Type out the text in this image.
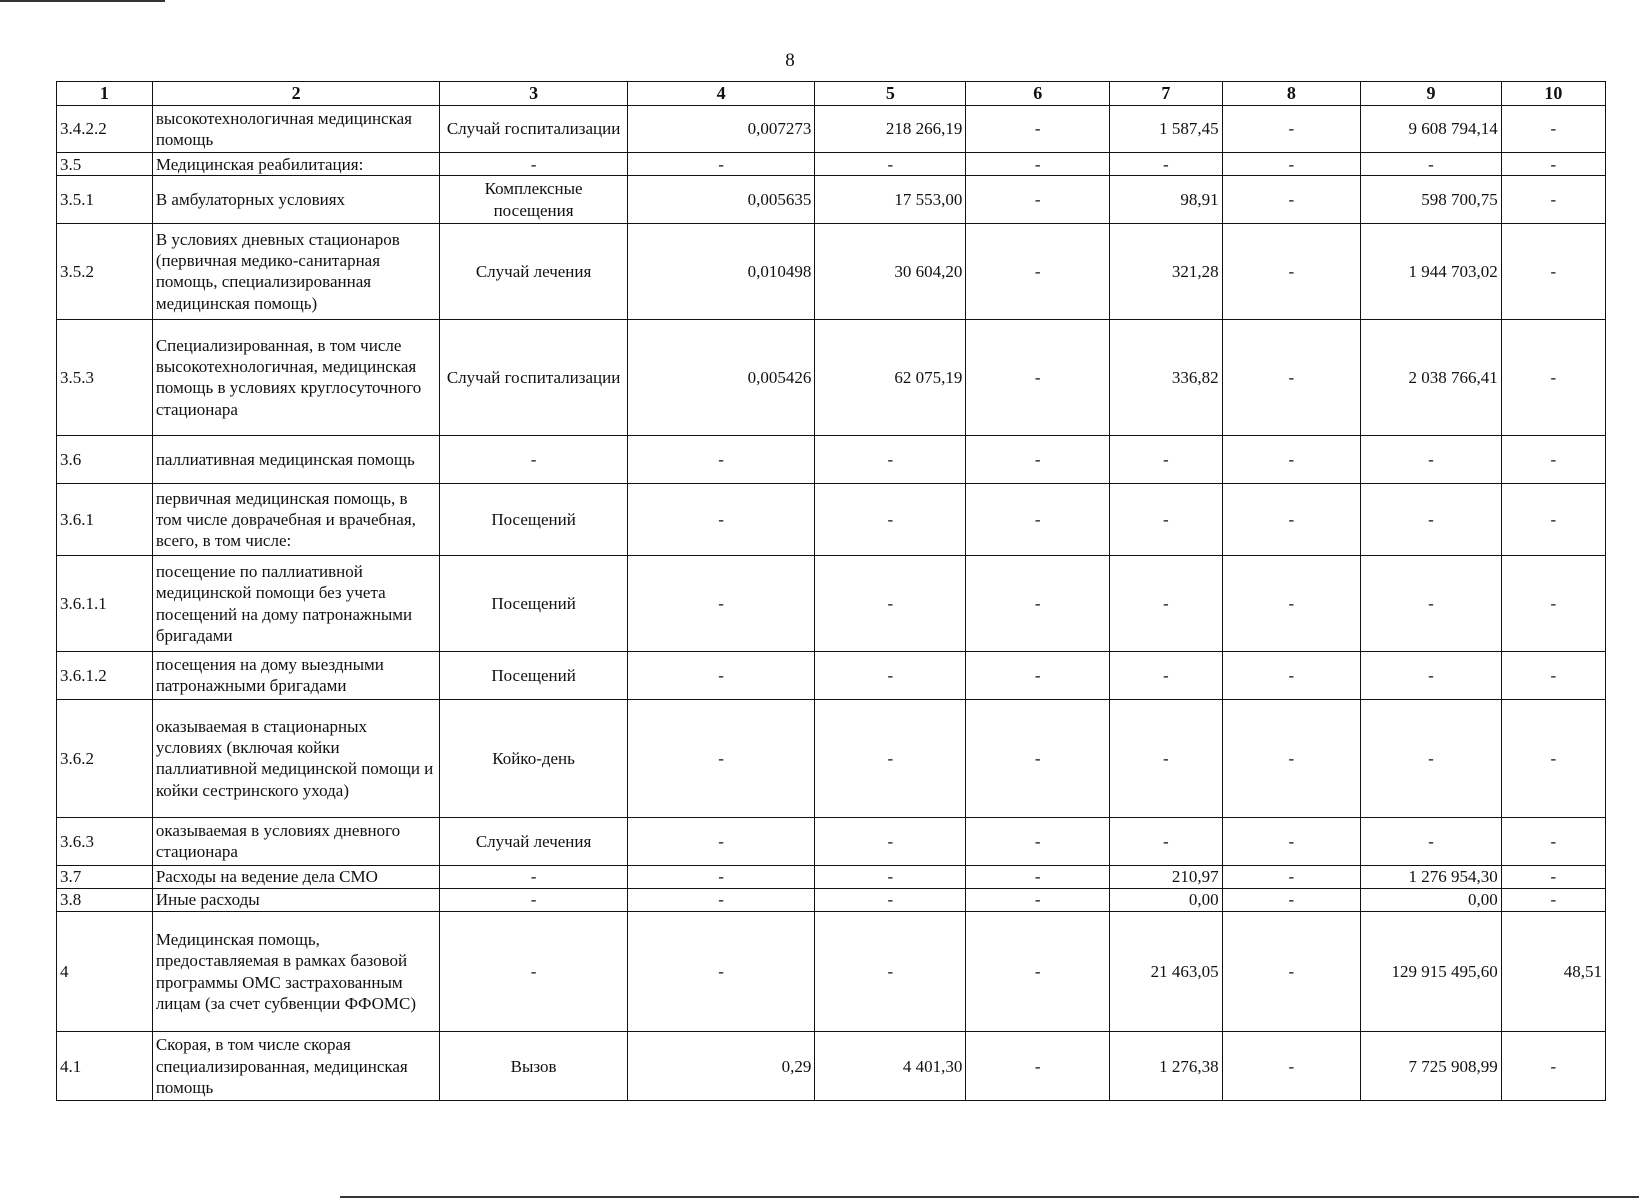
8
1	2	3	4	5	6	7	8	9	10
3.4.2.2	высокотехнологичная медицинская помощь	Случай госпитализации	0,007273	218 266,19	-	1 587,45	-	9 608 794,14	-
3.5	Медицинская реабилитация:	-	-	-	-	-	-	-	-
3.5.1	В амбулаторных условиях	Комплексные посещения	0,005635	17 553,00	-	98,91	-	598 700,75	-
3.5.2	В условиях дневных стационаров (первичная медико-санитарная помощь, специализированная медицинская помощь)	Случай лечения	0,010498	30 604,20	-	321,28	-	1 944 703,02	-
3.5.3	Специализированная, в том числе высокотехнологичная, медицинская помощь в условиях круглосуточного стационара	Случай госпитализации	0,005426	62 075,19	-	336,82	-	2 038 766,41	-
3.6	паллиативная медицинская помощь	-	-	-	-	-	-	-	-
3.6.1	первичная медицинская помощь, в том числе доврачебная и врачебная, всего, в том числе:	Посещений	-	-	-	-	-	-	-
3.6.1.1	посещение по паллиативной медицинской помощи без учета посещений на дому патронажными бригадами	Посещений	-	-	-	-	-	-	-
3.6.1.2	посещения на дому выездными патронажными бригадами	Посещений	-	-	-	-	-	-	-
3.6.2	оказываемая в стационарных условиях (включая койки паллиативной медицинской помощи и койки сестринского ухода)	Койко-день	-	-	-	-	-	-	-
3.6.3	оказываемая в условиях дневного стационара	Случай лечения	-	-	-	-	-	-	-
3.7	Расходы на ведение дела СМО	-	-	-	-	210,97	-	1 276 954,30	-
3.8	Иные расходы	-	-	-	-	0,00	-	0,00	-
4	Медицинская помощь, предоставляемая в рамках базовой программы ОМС застрахованным лицам (за счет субвенции ФФОМС)	-	-	-	-	21 463,05	-	129 915 495,60	48,51
4.1	Скорая, в том числе скорая специализированная, медицинская помощь	Вызов	0,29	4 401,30	-	1 276,38	-	7 725 908,99	-
